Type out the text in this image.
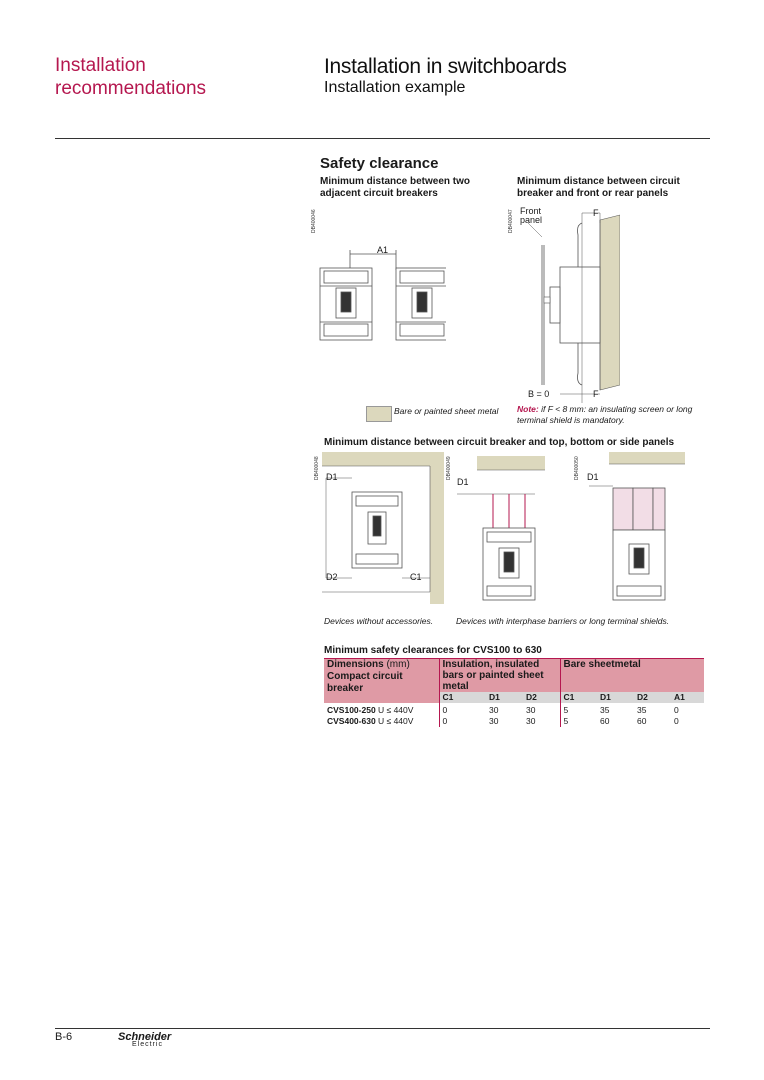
Installation recommendations
Installation in switchboards
Installation example
Safety clearance
Minimum distance between two adjacent circuit breakers
Minimum distance between circuit breaker and front or rear panels
DB400046	DB400047
A1
Front panel
F
B = 0	F
Bare or painted sheet metal Note: if F < 8 mm: an insulating screen or long terminal shield is mandatory.
Minimum distance between circuit breaker and top, bottom or side panels
DB400048	DB400049	DB400050
D1
D2	C1
D1	D1
Devices without accessories.	Devices with interphase barriers or long terminal shields.
Minimum safety clearances for CVS100 to 630
Dimensions (mm)	Insulation, insulated bars or painted sheet metal			Bare sheetmetal			
Compact circuit breaker							
	C1	D1	D2	C1	D1	D2	A1
CVS100-250 U ≤ 440V	0	30	30	5	35	35	0
CVS400-630 U ≤ 440V	0	30	30	5	60	60	0
B-6	Schneider
Electric
